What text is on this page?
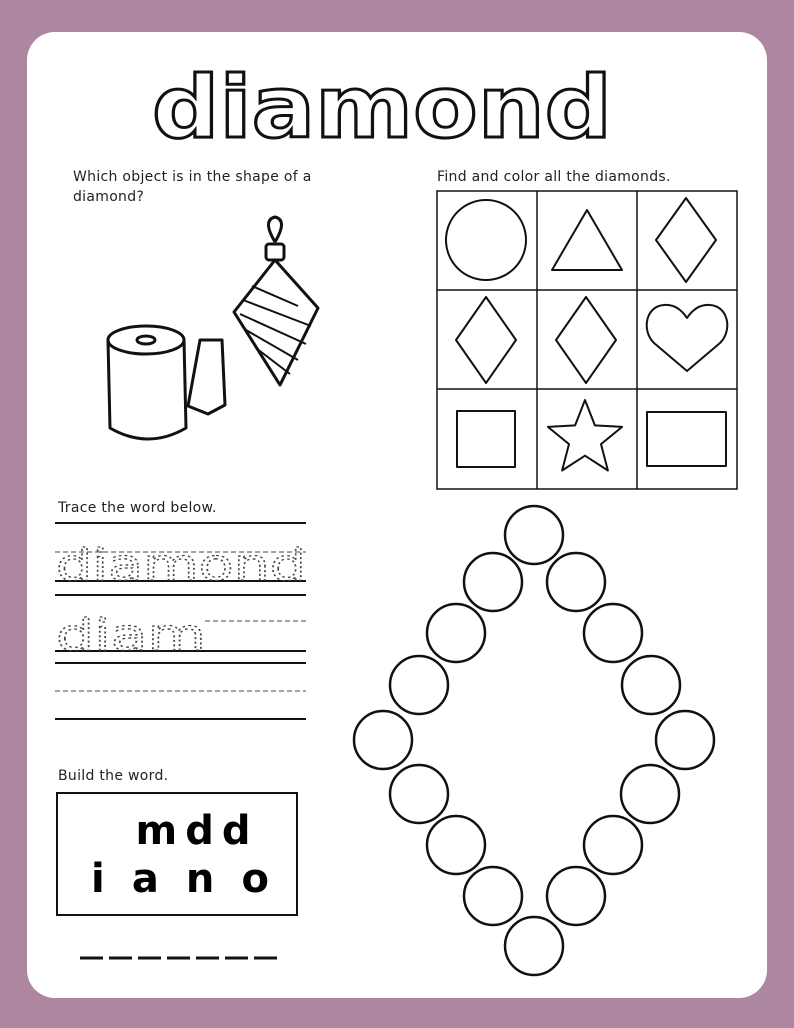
diamond
Which object is in the shape of a diamond?
Find and color all the diamonds.
Trace the word below.
diamond
diam
Build the word.
m d d
i a n o
